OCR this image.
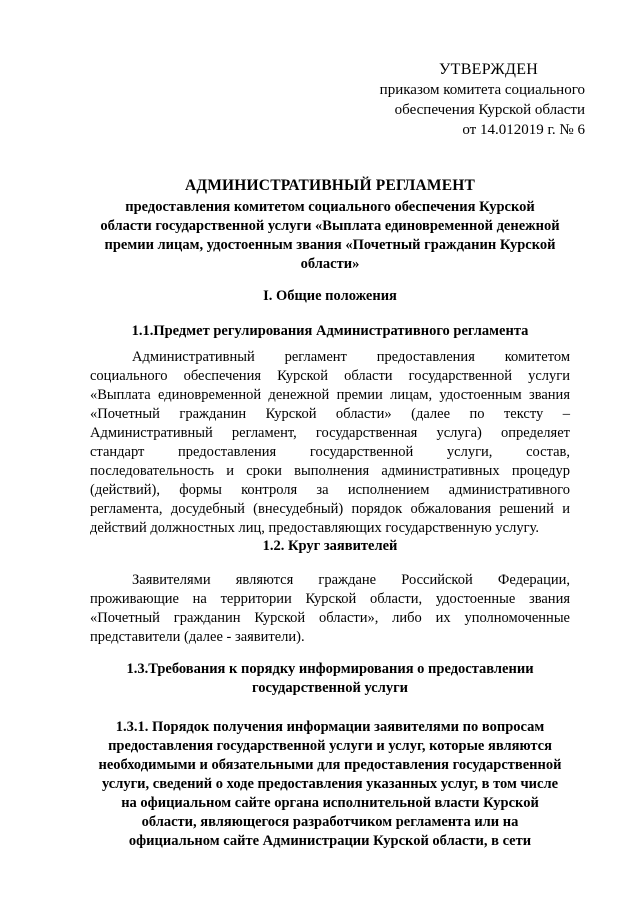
УТВЕРЖДЕН
приказом комитета социального
обеспечения Курской области
от 14.012019 г. № 6
АДМИНИСТРАТИВНЫЙ РЕГЛАМЕНТ
предоставления комитетом социального обеспечения Курской
области государственной услуги «Выплата единовременной денежной
премии лицам, удостоенным звания «Почетный гражданин Курской
области»
I. Общие положения
1.1.Предмет регулирования Административного регламента
Административный регламент предоставления комитетом
социального обеспечения Курской области государственной услуги
«Выплата единовременной денежной премии лицам, удостоенным звания
«Почетный гражданин Курской области» (далее по тексту –
Административный регламент, государственная услуга) определяет
стандарт предоставления государственной услуги, состав,
последовательность и сроки выполнения административных процедур
(действий), формы контроля за исполнением административного
регламента, досудебный (внесудебный) порядок обжалования решений и
действий должностных лиц, предоставляющих государственную услугу.
1.2. Круг заявителей
Заявителями являются граждане Российской Федерации,
проживающие на территории Курской области, удостоенные звания
«Почетный гражданин Курской области», либо их уполномоченные
представители (далее - заявители).
1.3.Требования к порядку информирования о предоставлении
государственной услуги
1.3.1. Порядок получения информации заявителями по вопросам
предоставления государственной услуги и услуг, которые являются
необходимыми и обязательными для предоставления государственной
услуги, сведений о ходе предоставления указанных услуг, в том числе
на официальном сайте органа исполнительной власти Курской
области, являющегося разработчиком регламента или на
официальном сайте Администрации Курской области, в сети
